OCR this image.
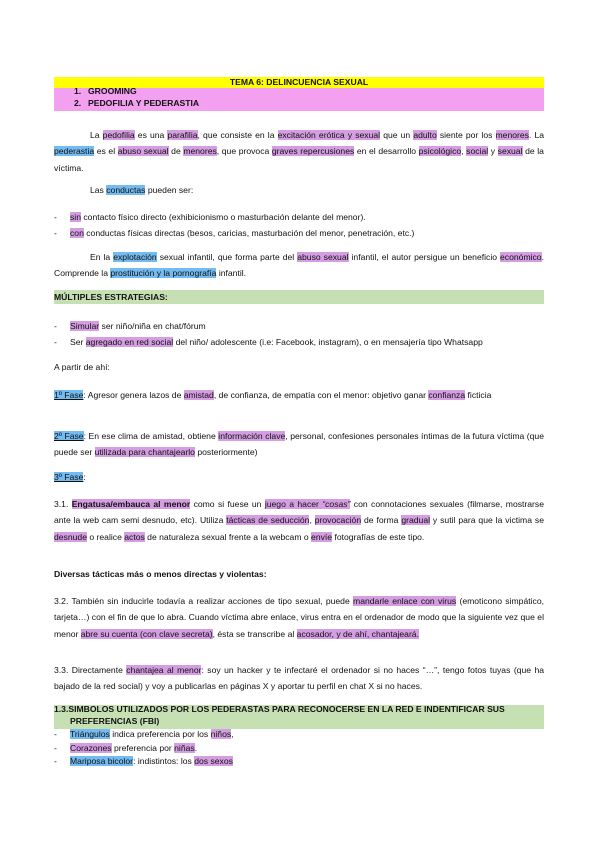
TEMA 6: DELINCUENCIA SEXUAL
1. GROOMING
2. PEDOFILIA Y PEDERASTIA
La pedofilia es una parafilia, que consiste en la excitación erótica y sexual que un adulto siente por los menores. La pederastia es el abuso sexual de menores, que provoca graves repercusiones en el desarrollo psicológico, social y sexual de la víctima.
Las conductas pueden ser:
- sin contacto físico directo (exhibicionismo o masturbación delante del menor).
- con conductas físicas directas (besos, caricias, masturbación del menor, penetración, etc.)
En la explotación sexual infantil, que forma parte del abuso sexual infantil, el autor persigue un beneficio económico. Comprende la prostitución y la pornografía infantil.
MÚLTIPLES ESTRATEGIAS:
- Simular ser niño/niña en chat/fórum
- Ser agregado en red social del niño/ adolescente (i.e: Facebook, instagram), o en mensajería tipo Whatsapp
A partir de ahí:
1º Fase: Agresor genera lazos de amistad, de confianza, de empatía con el menor: objetivo ganar confianza ficticia
2º Fase: En ese clima de amistad, obtiene información clave, personal, confesiones personales íntimas de la futura víctima (que puede ser utilizada para chantajearlo posteriormente)
3º Fase:
3.1. Engatusa/embauca al menor como si fuese un juego a hacer “cosas” con connotaciones sexuales (filmarse, mostrarse ante la web cam semi desnudo, etc). Utiliza tácticas de seducción, provocación de forma gradual y sutil para que la victima se desnude o realice actos de naturaleza sexual frente a la webcam o envíe fotografías de este tipo.
Diversas tácticas más o menos directas y violentas:
3.2. También sin inducirle todavía a realizar acciones de tipo sexual, puede mandarle enlace con virus (emoticono simpático, tarjeta…) con el fin de que lo abra. Cuando víctima abre enlace, virus entra en el ordenador de modo que la siguiente vez que el menor abre su cuenta (con clave secreta), ésta se transcribe al acosador, y de ahí, chantajeará.
3.3. Directamente chantajea al menor: soy un hacker y te infectaré el ordenador si no haces “…”, tengo fotos tuyas (que ha bajado de la red social) y voy a publicarlas en páginas X y aportar tu perfil en chat X si no haces.
1.3.SIMBOLOS UTILIZADOS POR LOS PEDERASTAS PARA RECONOCERSE EN LA RED E INDENTIFICAR SUS PREFERENCIAS (FBI)
- Triángulos indica preferencia por los niños,
- Corazones preferencia por niñas.
- Mariposa bicolor: indistintos: los dos sexos
